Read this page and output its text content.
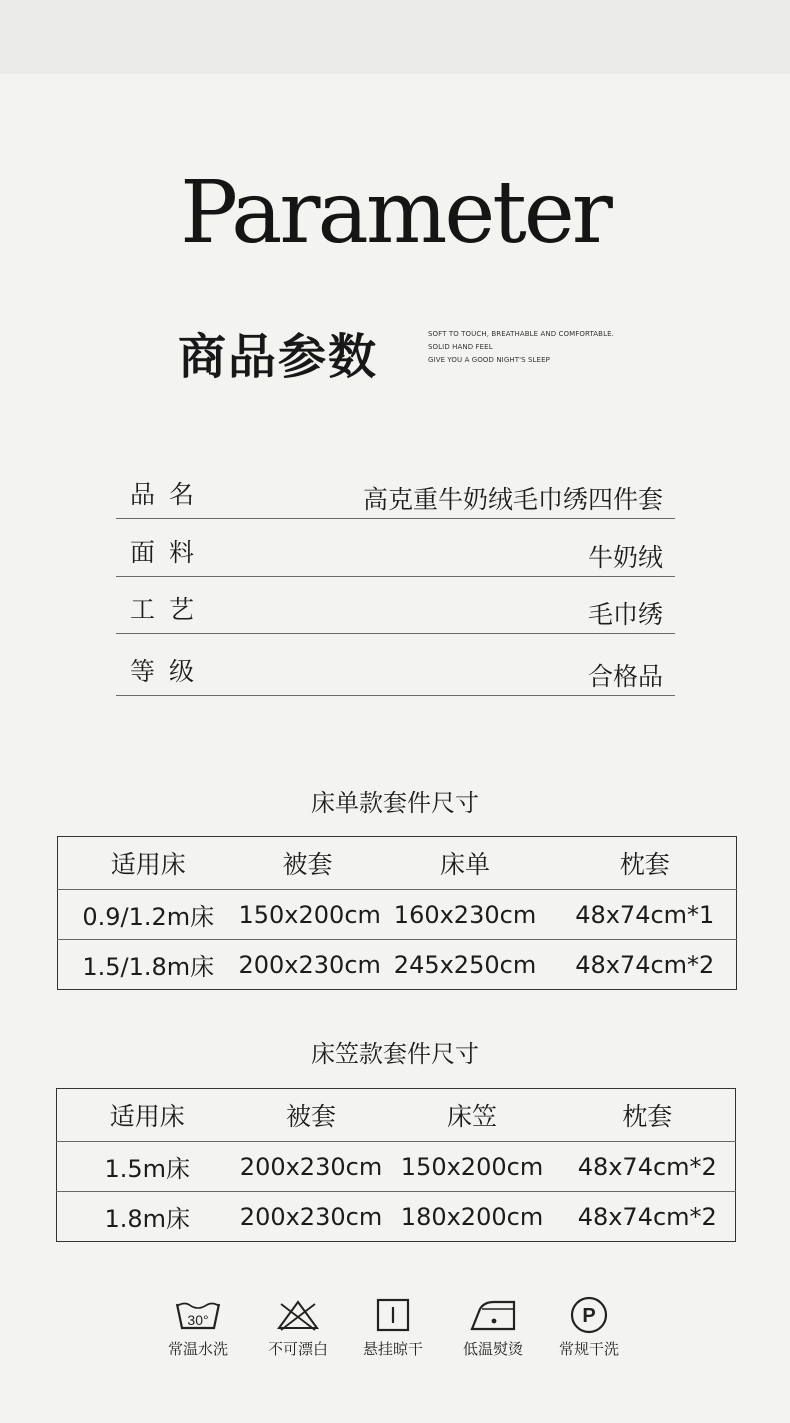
Parameter
商品参数	SOFT TO TOUCH, BREATHABLE AND COMFORTABLE.
SOLID HAND FEEL
GIVE YOU A GOOD NIGHT'S SLEEP
品名	高克重牛奶绒毛巾绣四件套
面料	牛奶绒
工艺	毛巾绣
等级	合格品
床单款套件尺寸
适用床	被套	床单	枕套
0.9/1.2m床	150x200cm	160x230cm	48x74cm*1
1.5/1.8m床	200x230cm	245x250cm	48x74cm*2
床笠款套件尺寸
适用床	被套	床笠	枕套
1.5m床	200x230cm	150x200cm	48x74cm*2
1.8m床	200x230cm	180x200cm	48x74cm*2
30°
常温水洗	不可漂白	悬挂晾干	低温熨烫
P
常规干洗
